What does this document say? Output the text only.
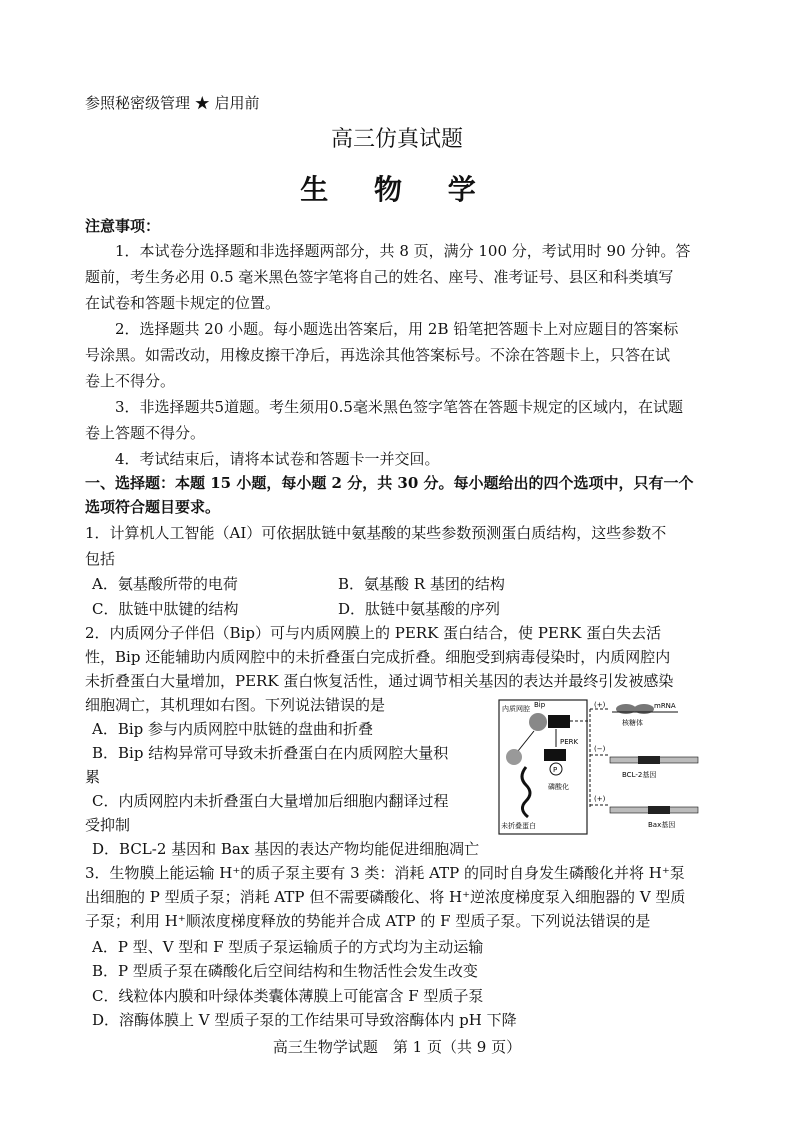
参照秘密级管理 ★ 启用前
高三仿真试题
生 物 学
注意事项：
1．本试卷分选择题和非选择题两部分，共 8 页，满分 100 分，考试用时 90 分钟。答
题前，考生务必用 0.5 毫米黑色签字笔将自己的姓名、座号、准考证号、县区和科类填写
在试卷和答题卡规定的位置。
2．选择题共 20 小题。每小题选出答案后，用 2B 铅笔把答题卡上对应题目的答案标
号涂黑。如需改动，用橡皮擦干净后，再选涂其他答案标号。不涂在答题卡上，只答在试
卷上不得分。
3．非选择题共5道题。考生须用0.5毫米黑色签字笔答在答题卡规定的区域内，在试题
卷上答题不得分。
4．考试结束后，请将本试卷和答题卡一并交回。
一、选择题：本题 15 小题，每小题 2 分，共 30 分。每小题给出的四个选项中，只有一个
选项符合题目要求。
1．计算机人工智能（AI）可依据肽链中氨基酸的某些参数预测蛋白质结构，这些参数不
包括
A．氨基酸所带的电荷	B．氨基酸 R 基团的结构
C．肽链中肽键的结构	D．肽链中氨基酸的序列
2．内质网分子伴侣（Bip）可与内质网膜上的 PERK 蛋白结合，使 PERK 蛋白失去活
性，Bip 还能辅助内质网腔中的未折叠蛋白完成折叠。细胞受到病毒侵染时，内质网腔内
未折叠蛋白大量增加，PERK 蛋白恢复活性，通过调节相关基因的表达并最终引发被感染
细胞凋亡，其机理如右图。下列说法错误的是
A．Bip 参与内质网腔中肽链的盘曲和折叠
B．Bip 结构异常可导致未折叠蛋白在内质网腔大量积
累
C．内质网腔内未折叠蛋白大量增加后细胞内翻译过程
受抑制
D．BCL-2 基因和 Bax 基因的表达产物均能促进细胞凋亡
内质网腔 Bip
PERK
未折叠蛋白
P
磷酸化
(+)
(−)
(+)
mRNA
核糖体
BCL-2基因
Bax基因
3．生物膜上能运输 H⁺的质子泵主要有 3 类：消耗 ATP 的同时自身发生磷酸化并将 H⁺泵
出细胞的 P 型质子泵；消耗 ATP 但不需要磷酸化、将 H⁺逆浓度梯度泵入细胞器的 V 型质
子泵；利用 H⁺顺浓度梯度释放的势能并合成 ATP 的 F 型质子泵。下列说法错误的是
A．P 型、V 型和 F 型质子泵运输质子的方式均为主动运输
B．P 型质子泵在磷酸化后空间结构和生物活性会发生改变
C．线粒体内膜和叶绿体类囊体薄膜上可能富含 F 型质子泵
D．溶酶体膜上 V 型质子泵的工作结果可导致溶酶体内 pH 下降
高三生物学试题　第 1 页（共 9 页）
